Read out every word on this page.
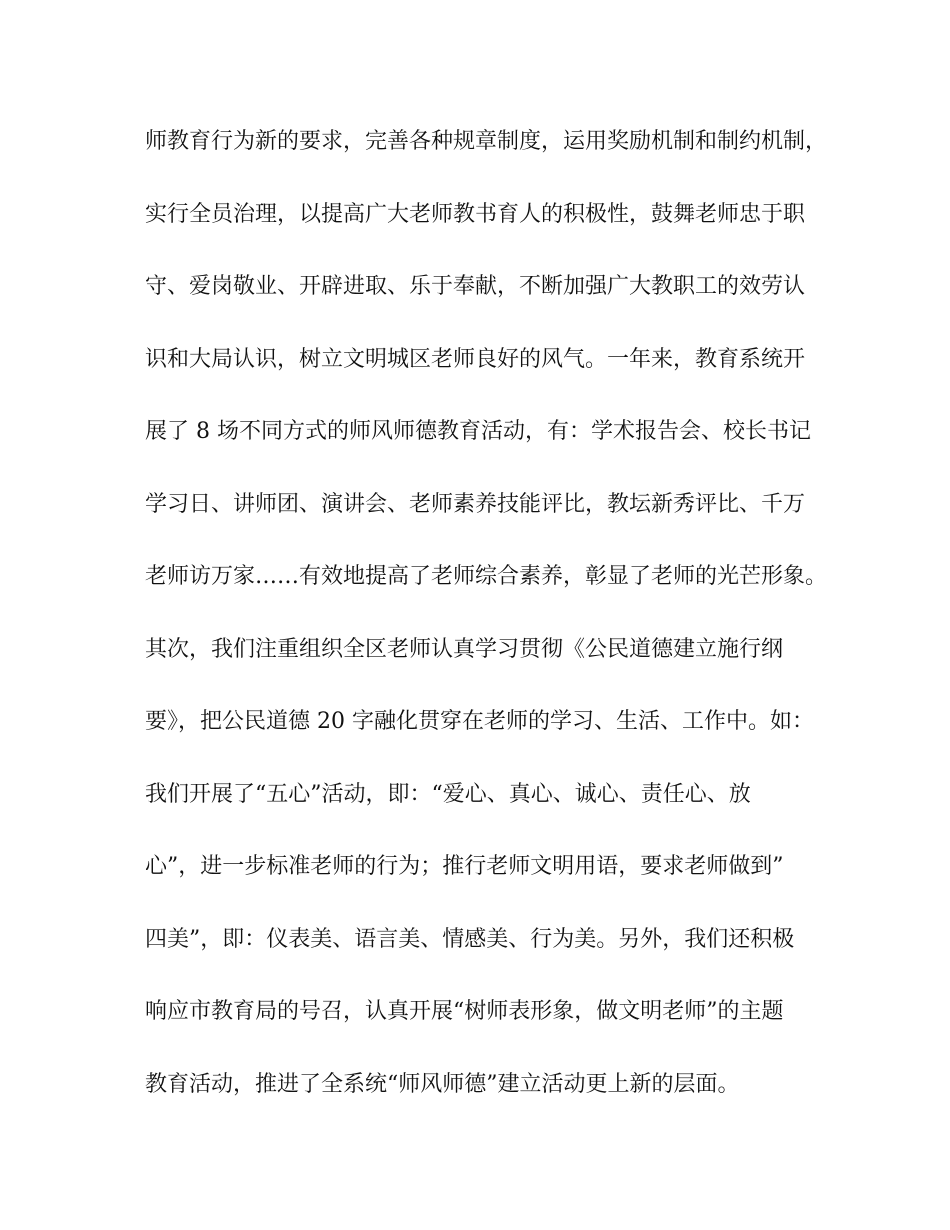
师教育行为新的要求，完善各种规章制度，运用奖励机制和制约机制，
实行全员治理，以提高广大老师教书育人的积极性，鼓舞老师忠于职
守、爱岗敬业、开辟进取、乐于奉献，不断加强广大教职工的效劳认
识和大局认识，树立文明城区老师良好的风气。一年来，教育系统开
展了 8 场不同方式的师风师德教育活动，有：学术报告会、校长书记
学习日、讲师团、演讲会、老师素养技能评比，教坛新秀评比、千万
老师访万家……有效地提高了老师综合素养，彰显了老师的光芒形象。
其次，我们注重组织全区老师认真学习贯彻《公民道德建立施行纲
要》，把公民道德 20 字融化贯穿在老师的学习、生活、工作中。如：
我们开展了“五心”活动，即：“爱心、真心、诚心、责任心、放
心”，进一步标准老师的行为；推行老师文明用语，要求老师做到”
四美”，即：仪表美、语言美、情感美、行为美。另外，我们还积极
响应市教育局的号召，认真开展“树师表形象，做文明老师”的主题
教育活动，推进了全系统“师风师德”建立活动更上新的层面。
